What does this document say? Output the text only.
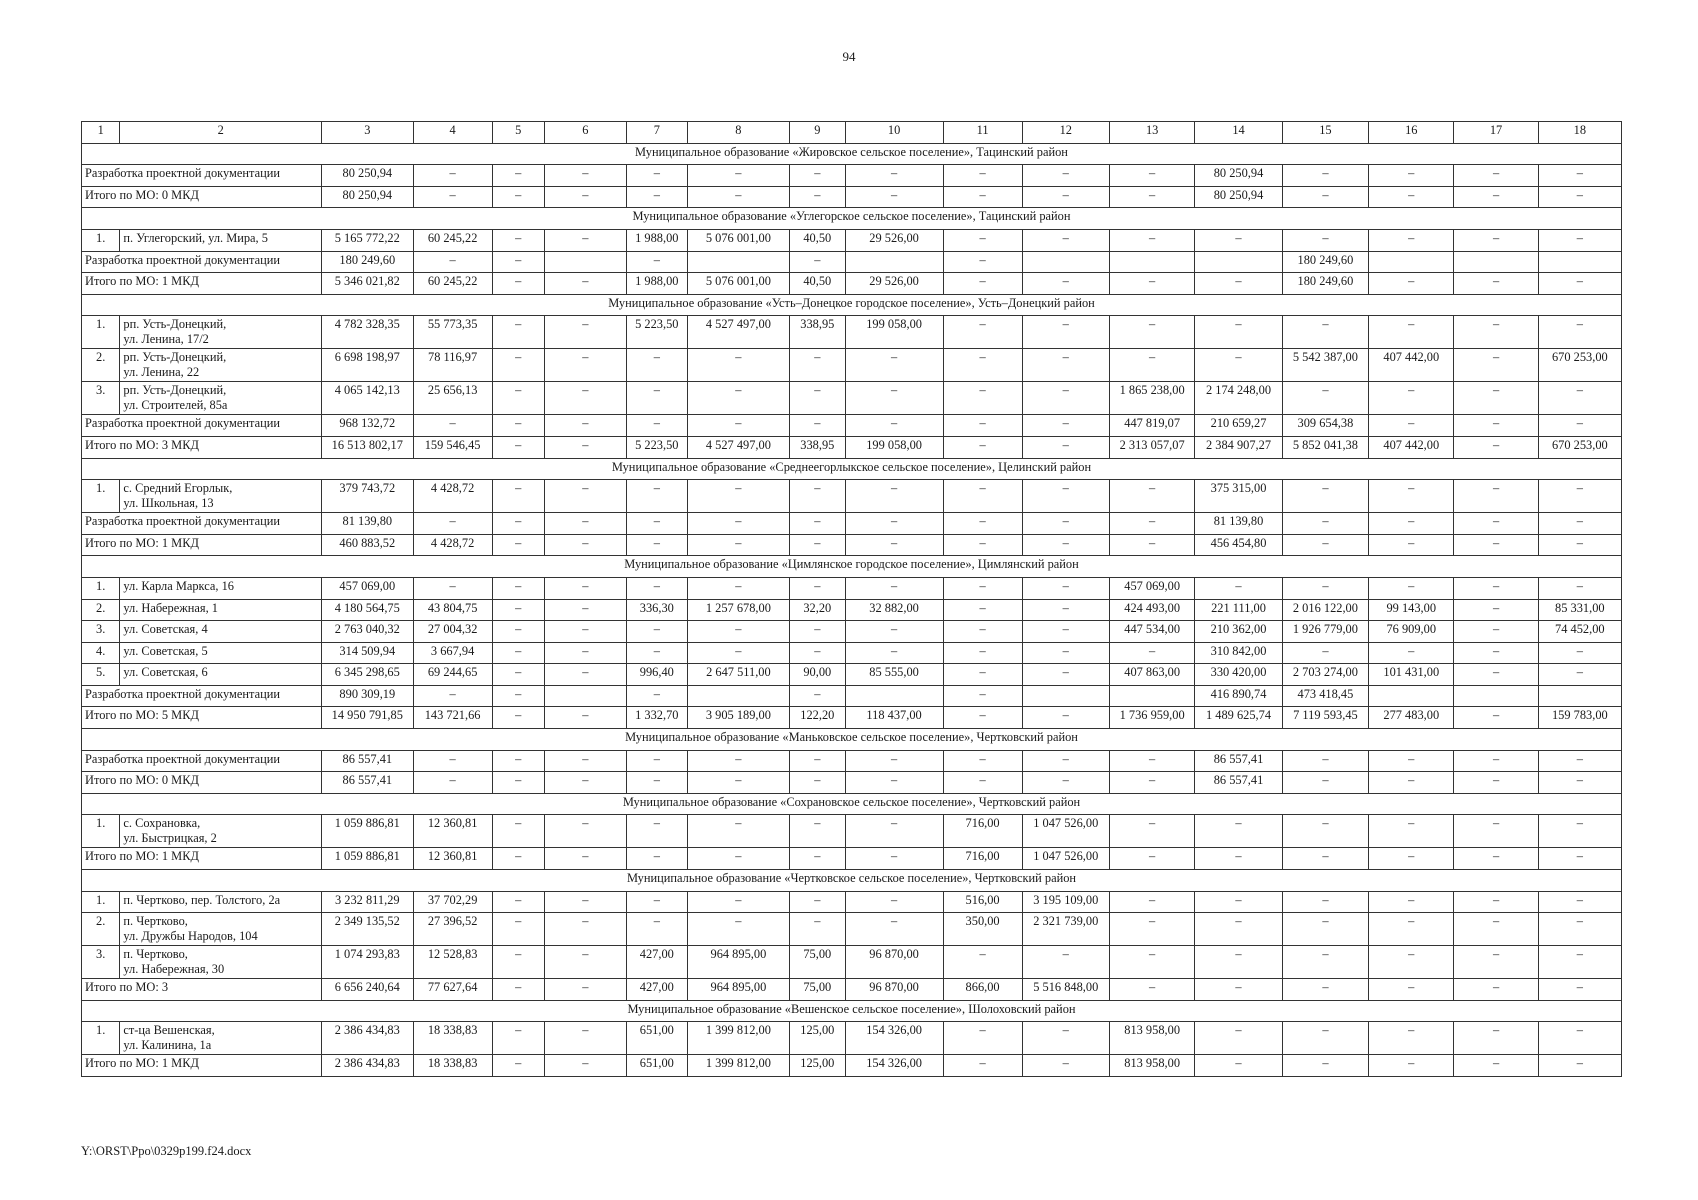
94
1	2	3	4	5	6	7	8	9	10	11	12	13	14	15	16	17	18
Муниципальное образование «Жировское сельское поселение», Тацинский район																	
Разработка проектной документации		80 250,94	–	–	–	–	–	–	–	–	–	–	80 250,94	–	–	–	–
Итого по МО: 0 МКД		80 250,94	–	–	–	–	–	–	–	–	–	–	80 250,94	–	–	–	–
Муниципальное образование «Углегорское сельское поселение», Тацинский район																	
1.	п. Углегорский, ул. Мира, 5	5 165 772,22	60 245,22	–	–	1 988,00	5 076 001,00	40,50	29 526,00	–	–	–	–	–	–	–	–
Разработка проектной документации		180 249,60	–	–		–		–		–				180 249,60			
Итого по МО: 1 МКД		5 346 021,82	60 245,22	–	–	1 988,00	5 076 001,00	40,50	29 526,00	–	–	–	–	180 249,60	–	–	–
Муниципальное образование «Усть–Донецкое городское поселение», Усть–Донецкий район																	
1.	рп. Усть-Донецкий,
ул. Ленина, 17/2	4 782 328,35	55 773,35	–	–	5 223,50	4 527 497,00	338,95	199 058,00	–	–	–	–	–	–	–	–
2.	рп. Усть-Донецкий,
ул. Ленина, 22	6 698 198,97	78 116,97	–	–	–	–	–	–	–	–	–	–	5 542 387,00	407 442,00	–	670 253,00
3.	рп. Усть-Донецкий,
ул. Строителей, 85а	4 065 142,13	25 656,13	–	–	–	–	–	–	–	–	1 865 238,00	2 174 248,00	–	–	–	–
Разработка проектной документации		968 132,72	–	–	–	–	–	–	–	–	–	447 819,07	210 659,27	309 654,38	–	–	–
Итого по МО: 3 МКД		16 513 802,17	159 546,45	–	–	5 223,50	4 527 497,00	338,95	199 058,00	–	–	2 313 057,07	2 384 907,27	5 852 041,38	407 442,00	–	670 253,00
Муниципальное образование «Среднеегорлыкское сельское поселение», Целинский район																	
1.	с. Средний Егорлык,
ул. Школьная, 13	379 743,72	4 428,72	–	–	–	–	–	–	–	–	–	375 315,00	–	–	–	–
Разработка проектной документации		81 139,80	–	–	–	–	–	–	–	–	–	–	81 139,80	–	–	–	–
Итого по МО: 1 МКД		460 883,52	4 428,72	–	–	–	–	–	–	–	–	–	456 454,80	–	–	–	–
Муниципальное образование «Цимлянское городское поселение», Цимлянский район																	
1.	ул. Карла Маркса, 16	457 069,00	–	–	–	–	–	–	–	–	–	457 069,00	–	–	–	–	–
2.	ул. Набережная, 1	4 180 564,75	43 804,75	–	–	336,30	1 257 678,00	32,20	32 882,00	–	–	424 493,00	221 111,00	2 016 122,00	99 143,00	–	85 331,00
3.	ул. Советская, 4	2 763 040,32	27 004,32	–	–	–	–	–	–	–	–	447 534,00	210 362,00	1 926 779,00	76 909,00	–	74 452,00
4.	ул. Советская, 5	314 509,94	3 667,94	–	–	–	–	–	–	–	–	–	310 842,00	–	–	–	–
5.	ул. Советская, 6	6 345 298,65	69 244,65	–	–	996,40	2 647 511,00	90,00	85 555,00	–	–	407 863,00	330 420,00	2 703 274,00	101 431,00	–	–
Разработка проектной документации		890 309,19	–	–		–		–		–			416 890,74	473 418,45			
Итого по МО: 5 МКД		14 950 791,85	143 721,66	–	–	1 332,70	3 905 189,00	122,20	118 437,00	–	–	1 736 959,00	1 489 625,74	7 119 593,45	277 483,00	–	159 783,00
Муниципальное образование «Маньковское сельское поселение», Чертковский район																	
Разработка проектной документации		86 557,41	–	–	–	–	–	–	–	–	–	–	86 557,41	–	–	–	–
Итого по МО: 0 МКД		86 557,41	–	–	–	–	–	–	–	–	–	–	86 557,41	–	–	–	–
Муниципальное образование «Сохрановское сельское поселение», Чертковский район																	
1.	с. Сохрановка,
ул. Быстрицкая, 2	1 059 886,81	12 360,81	–	–	–	–	–	–	716,00	1 047 526,00	–	–	–	–	–	–
Итого по МО: 1 МКД		1 059 886,81	12 360,81	–	–	–	–	–	–	716,00	1 047 526,00	–	–	–	–	–	–
Муниципальное образование «Чертковское сельское поселение», Чертковский район																	
1.	п. Чертково, пер. Толстого, 2а	3 232 811,29	37 702,29	–	–	–	–	–	–	516,00	3 195 109,00	–	–	–	–	–	–
2.	п. Чертково,
ул. Дружбы Народов, 104	2 349 135,52	27 396,52	–	–	–	–	–	–	350,00	2 321 739,00	–	–	–	–	–	–
3.	п. Чертково,
ул. Набережная, 30	1 074 293,83	12 528,83	–	–	427,00	964 895,00	75,00	96 870,00	–	–	–	–	–	–	–	–
Итого по МО: 3		6 656 240,64	77 627,64	–	–	427,00	964 895,00	75,00	96 870,00	866,00	5 516 848,00	–	–	–	–	–	–
Муниципальное образование «Вешенское сельское поселение», Шолоховский район																	
1.	ст-ца Вешенская,
ул. Калинина, 1а	2 386 434,83	18 338,83	–	–	651,00	1 399 812,00	125,00	154 326,00	–	–	813 958,00	–	–	–	–	–
Итого по МО: 1 МКД		2 386 434,83	18 338,83	–	–	651,00	1 399 812,00	125,00	154 326,00	–	–	813 958,00	–	–	–	–	–
Y:\ORST\Ppo\0329p199.f24.docx
